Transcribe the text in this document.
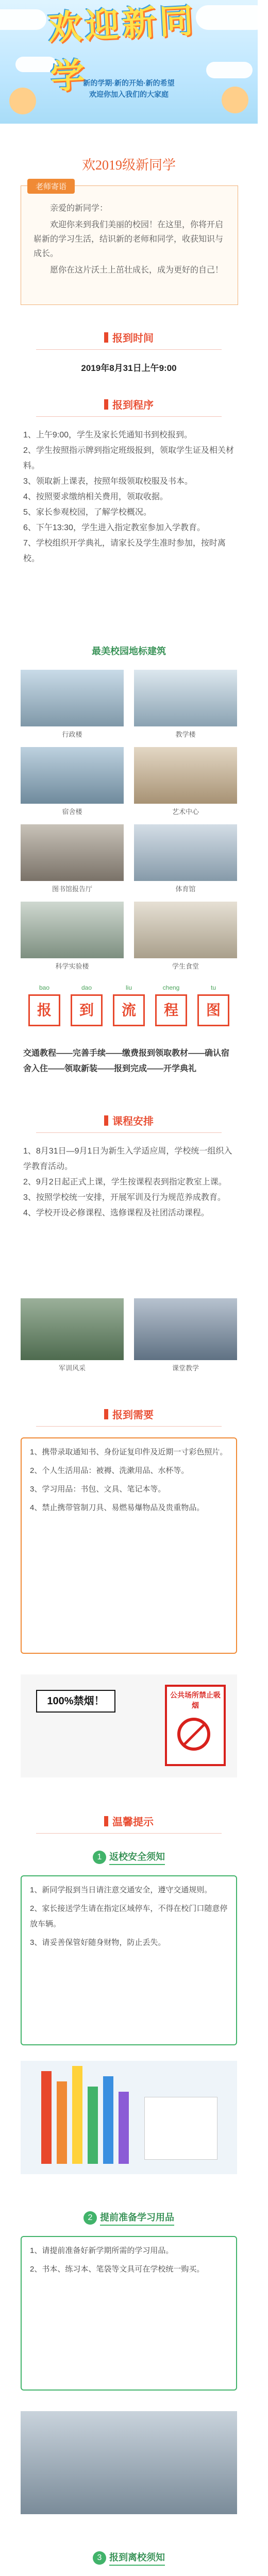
欢迎新同学
新的学期·新的开始·新的希望
欢迎你加入我们的大家庭
欢2019级新同学
老师寄语

亲爱的新同学：

欢迎你来到我们美丽的校园！在这里，你将开启崭新的学习生活，结识新的老师和同学，收获知识与成长。

愿你在这片沃土上茁壮成长，成为更好的自己！

报到时间
2019年8月31日上午9:00
报到程序
1、上午9:00，学生及家长凭通知书到校报到。
2、学生按照指示牌到指定班级报到，领取学生证及相关材料。
3、领取新上课表，按照年级领取校服及书本。
4、按照要求缴纳相关费用，领取收据。
5、家长参观校园，了解学校概况。
6、下午13:30，学生进入指定教室参加入学教育。
7、学校组织开学典礼，请家长及学生准时参加，按时离校。
最美校园地标建筑
行政楼	教学楼
宿舍楼	艺术中心
图书馆报告厅	体育馆
科学实验楼	学生食堂
bao
报
dao
到
liu
流
cheng
程
tu
图
交通教程——完善手续——缴费报到领取教材——确认宿舍入住——领取新装——报到完成——开学典礼
课程安排
1、8月31日—9月1日为新生入学适应周，学校统一组织入学教育活动。
2、9月2日起正式上课，学生按课程表到指定教室上课。
3、按照学校统一安排，开展军训及行为规范养成教育。
4、学校开设必修课程、选修课程及社团活动课程。
军训风采	课堂教学
报到需要

1、携带录取通知书、身份证复印件及近期一寸彩色照片。

2、个人生活用品：被褥、洗漱用品、水杯等。

3、学习用品：书包、文具、笔记本等。

4、禁止携带管制刀具、易燃易爆物品及贵重物品。

100%禁烟！
公共场所禁止吸烟
温馨提示
1 返校安全须知

1、新同学报到当日请注意交通安全，遵守交通规则。

2、家长接送学生请在指定区域停车，不得在校门口随意停放车辆。

3、请妥善保管好随身财物，防止丢失。

2 提前准备学习用品

1、请提前准备好新学期所需的学习用品。

2、书本、练习本、笔袋等文具可在学校统一购买。

3 报到离校须知
